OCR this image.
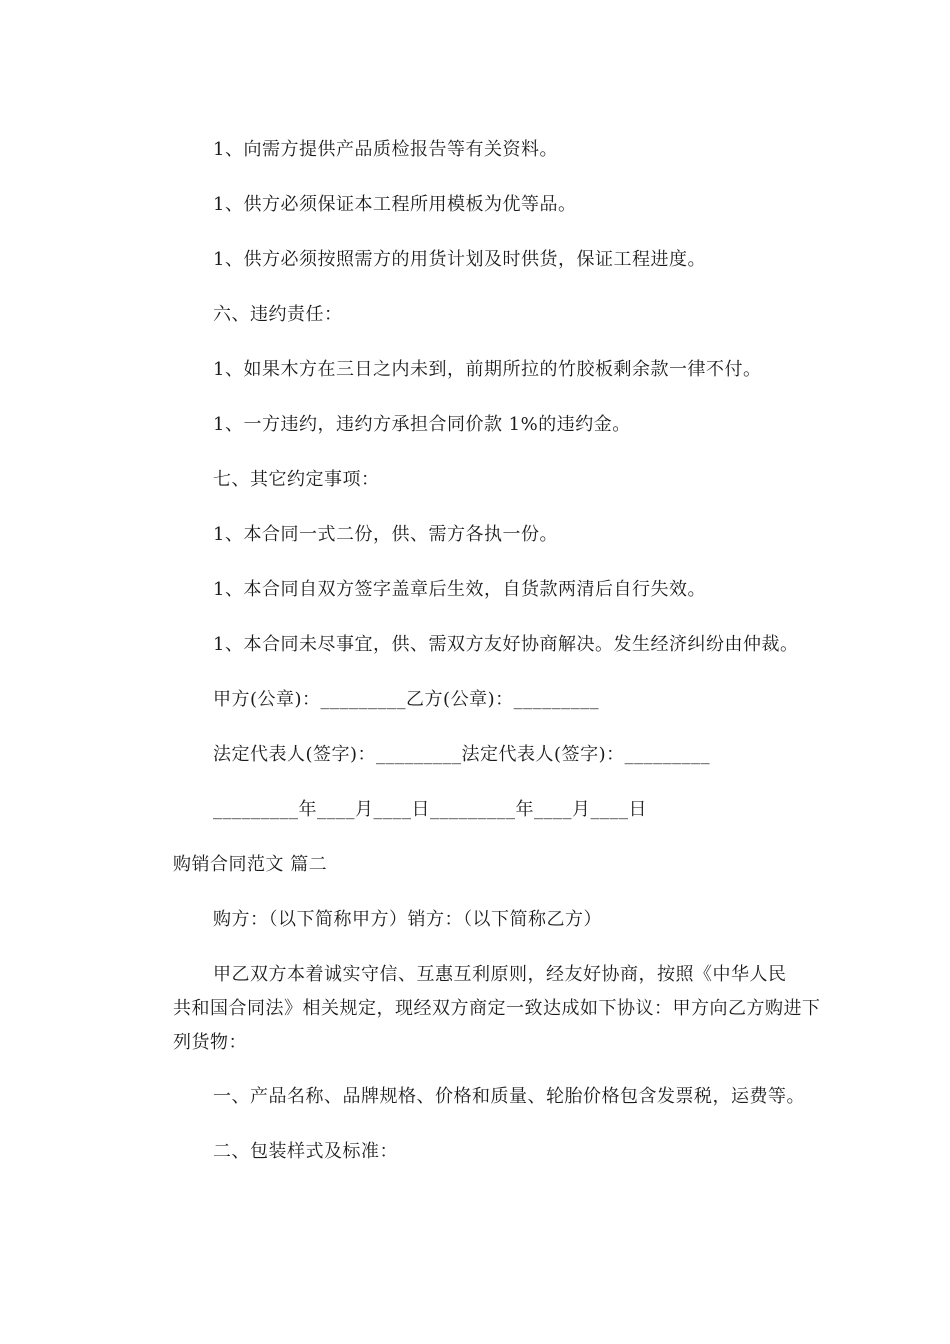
1、向需方提供产品质检报告等有关资料。
1、供方必须保证本工程所用模板为优等品。
1、供方必须按照需方的用货计划及时供货，保证工程进度。
六、违约责任：
1、如果木方在三日之内未到，前期所拉的竹胶板剩余款一律不付。
1、一方违约，违约方承担合同价款 1%的违约金。
七、其它约定事项：
1、本合同一式二份，供、需方各执一份。
1、本合同自双方签字盖章后生效，自货款两清后自行失效。
1、本合同未尽事宜，供、需双方友好协商解决。发生经济纠纷由仲裁。
甲方(公章)：_________乙方(公章)：_________
法定代表人(签字)：_________法定代表人(签字)：_________
_________年____月____日_________年____月____日
购销合同范文 篇二
购方：（以下简称甲方）销方：（以下简称乙方）
甲乙双方本着诚实守信、互惠互利原则，经友好协商，按照《中华人民
共和国合同法》相关规定，现经双方商定一致达成如下协议：甲方向乙方购进下
列货物：
一、产品名称、品牌规格、价格和质量、轮胎价格包含发票税，运费等。
二、包装样式及标准：
